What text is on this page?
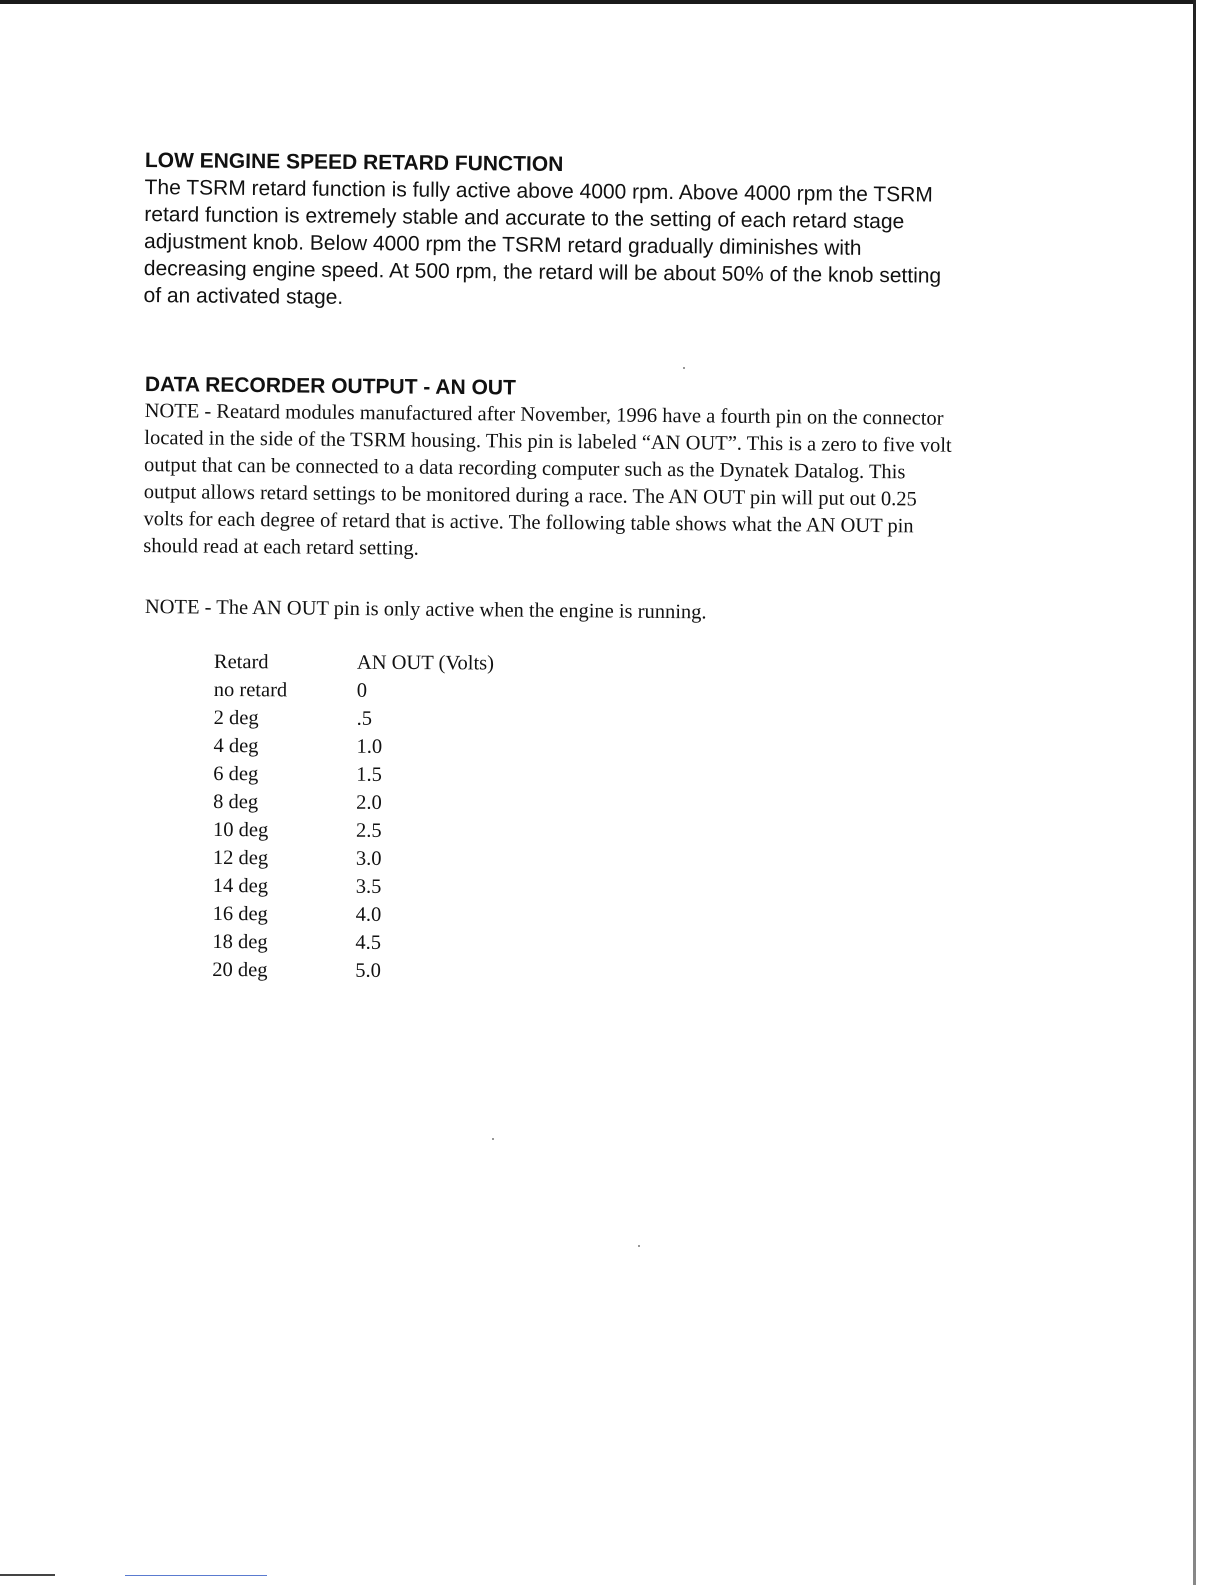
LOW ENGINE SPEED RETARD FUNCTION

The TSRM retard function is fully active above 4000 rpm. Above 4000 rpm the TSRM

retard function is extremely stable and accurate to the setting of each retard stage

adjustment knob. Below 4000 rpm the TSRM retard gradually diminishes with

decreasing engine speed. At 500 rpm, the retard will be about 50% of the knob setting

of an activated stage.

DATA RECORDER OUTPUT - AN OUT

NOTE - Reatard modules manufactured after November, 1996 have a fourth pin on the connector

located in the side of the TSRM housing. This pin is labeled “AN OUT”. This is a zero to five volt

output that can be connected to a data recording computer such as the Dynatek Datalog. This

output allows retard settings to be monitored during a race. The AN OUT pin will put out 0.25

volts for each degree of retard that is active. The following table shows what the AN OUT pin

should read at each retard setting.

NOTE - The AN OUT pin is only active when the engine is running.

Retard	AN OUT (Volts)
no retard	0
2 deg	.5
4 deg	1.0
6 deg	1.5
8 deg	2.0
10 deg	2.5
12 deg	3.0
14 deg	3.5
16 deg	4.0
18 deg	4.5
20 deg	5.0
